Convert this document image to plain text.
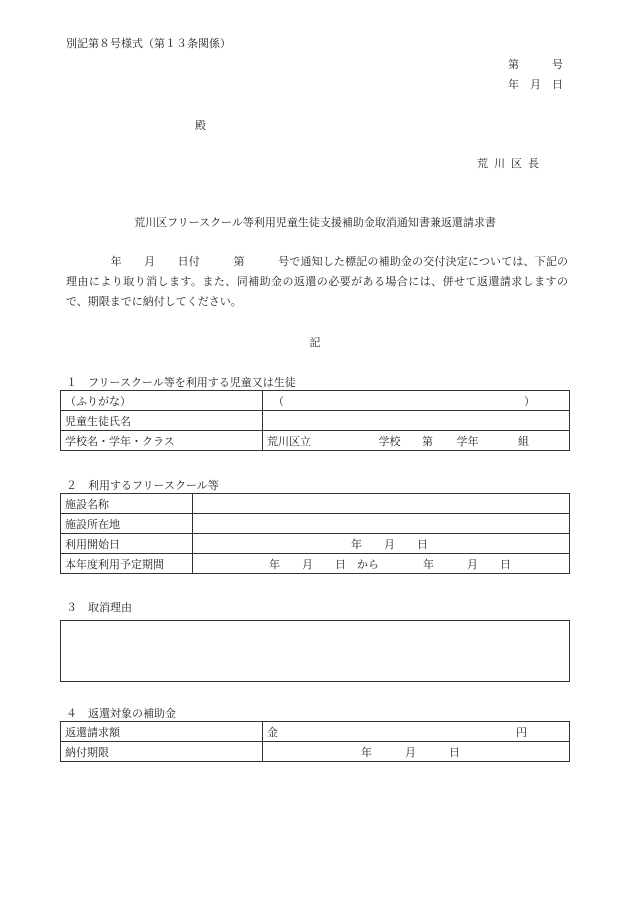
別記第８号様式（第１３条関係）
第　　　号
年　月　日
殿
荒川区長
荒川区フリースクール等利用児童生徒支援補助金取消通知書兼返還請求書
　　　　年　　月　　日付　　　第　　　号で通知した標記の補助金の交付決定については、下記の理由により取り消します。また、同補助金の返還の必要がある場合には、併せて返還請求しますので、期限までに納付してください。
記
１　フリースクール等を利用する児童又は生徒
（ふりがな）	（ ）

児童生徒氏名	
学校名・学年・クラス	荒川区立 学校 第 学年 組
２　利用するフリースクール等
施設名称	
施設所在地	
利用開始日	年　　月　　日
本年度利用予定期間	年　　月　　日　から　　　　年　　　月　　日
３　取消理由
４　返還対象の補助金
返還請求額	金 円

納付期限	年　　　月　　　日
